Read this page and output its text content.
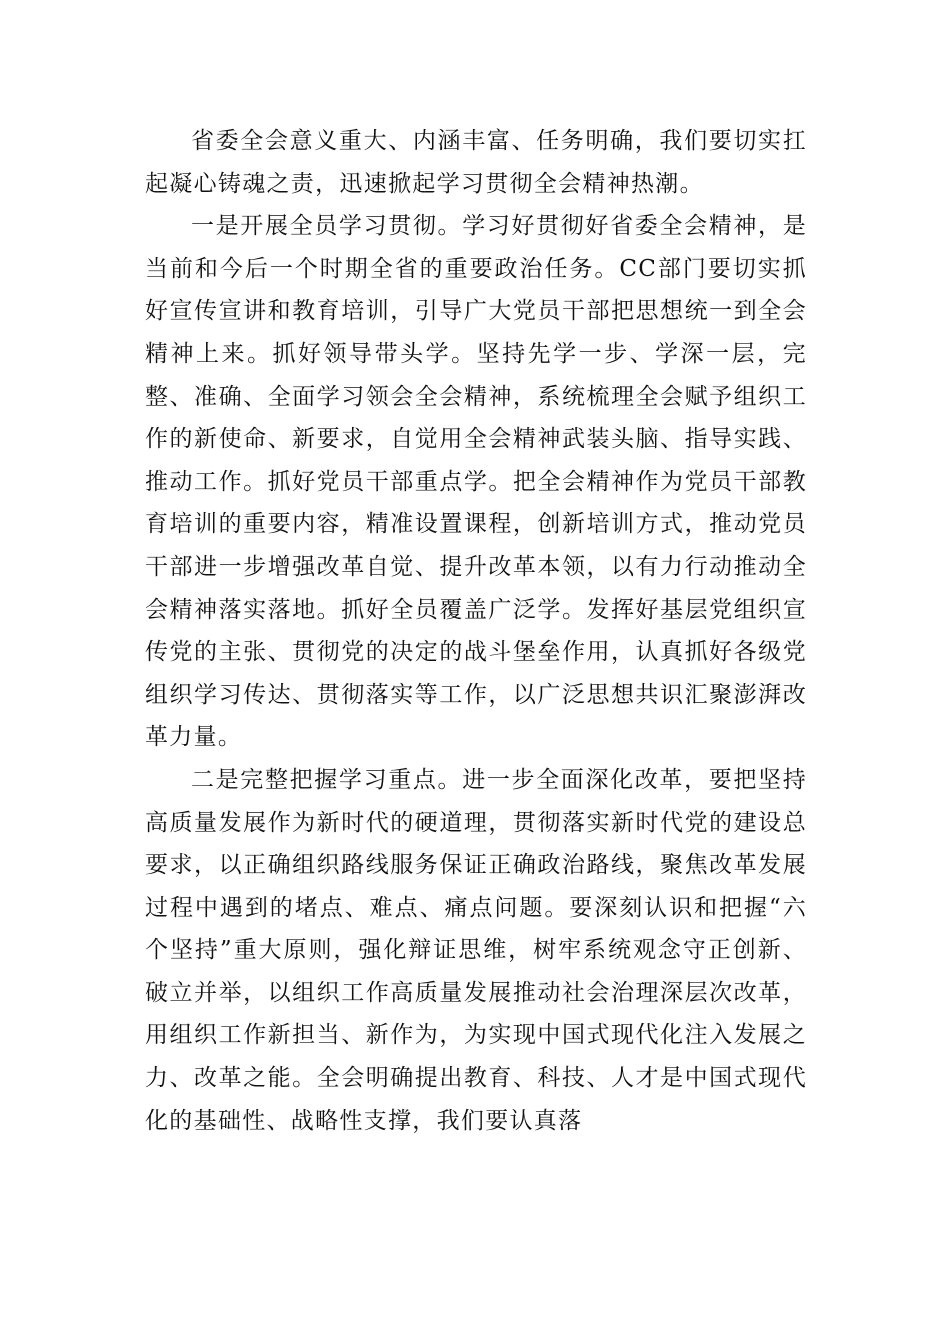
省委全会意义重大、内涵丰富、任务明确，我们要切实扛起凝心铸魂之责，迅速掀起学习贯彻全会精神热潮。

一是开展全员学习贯彻。学习好贯彻好省委全会精神，是当前和今后一个时期全省的重要政治任务。CC部门要切实抓好宣传宣讲和教育培训，引导广大党员干部把思想统一到全会精神上来。抓好领导带头学。坚持先学一步、学深一层，完整、准确、全面学习领会全会精神，系统梳理全会赋予组织工作的新使命、新要求，自觉用全会精神武装头脑、指导实践、推动工作。抓好党员干部重点学。把全会精神作为党员干部教育培训的重要内容，精准设置课程，创新培训方式，推动党员干部进一步增强改革自觉、提升改革本领，以有力行动推动全会精神落实落地。抓好全员覆盖广泛学。发挥好基层党组织宣传党的主张、贯彻党的决定的战斗堡垒作用，认真抓好各级党组织学习传达、贯彻落实等工作，以广泛思想共识汇聚澎湃改革力量。

二是完整把握学习重点。进一步全面深化改革，要把坚持高质量发展作为新时代的硬道理，贯彻落实新时代党的建设总要求，以正确组织路线服务保证正确政治路线，聚焦改革发展过程中遇到的堵点、难点、痛点问题。要深刻认识和把握“六个坚持”重大原则，强化辩证思维，树牢系统观念守正创新、破立并举，以组织工作高质量发展推动社会治理深层次改革，用组织工作新担当、新作为，为实现中国式现代化注入发展之力、改革之能。全会明确提出教育、科技、人才是中国式现代化的基础性、战略性支撑，我们要认真落
